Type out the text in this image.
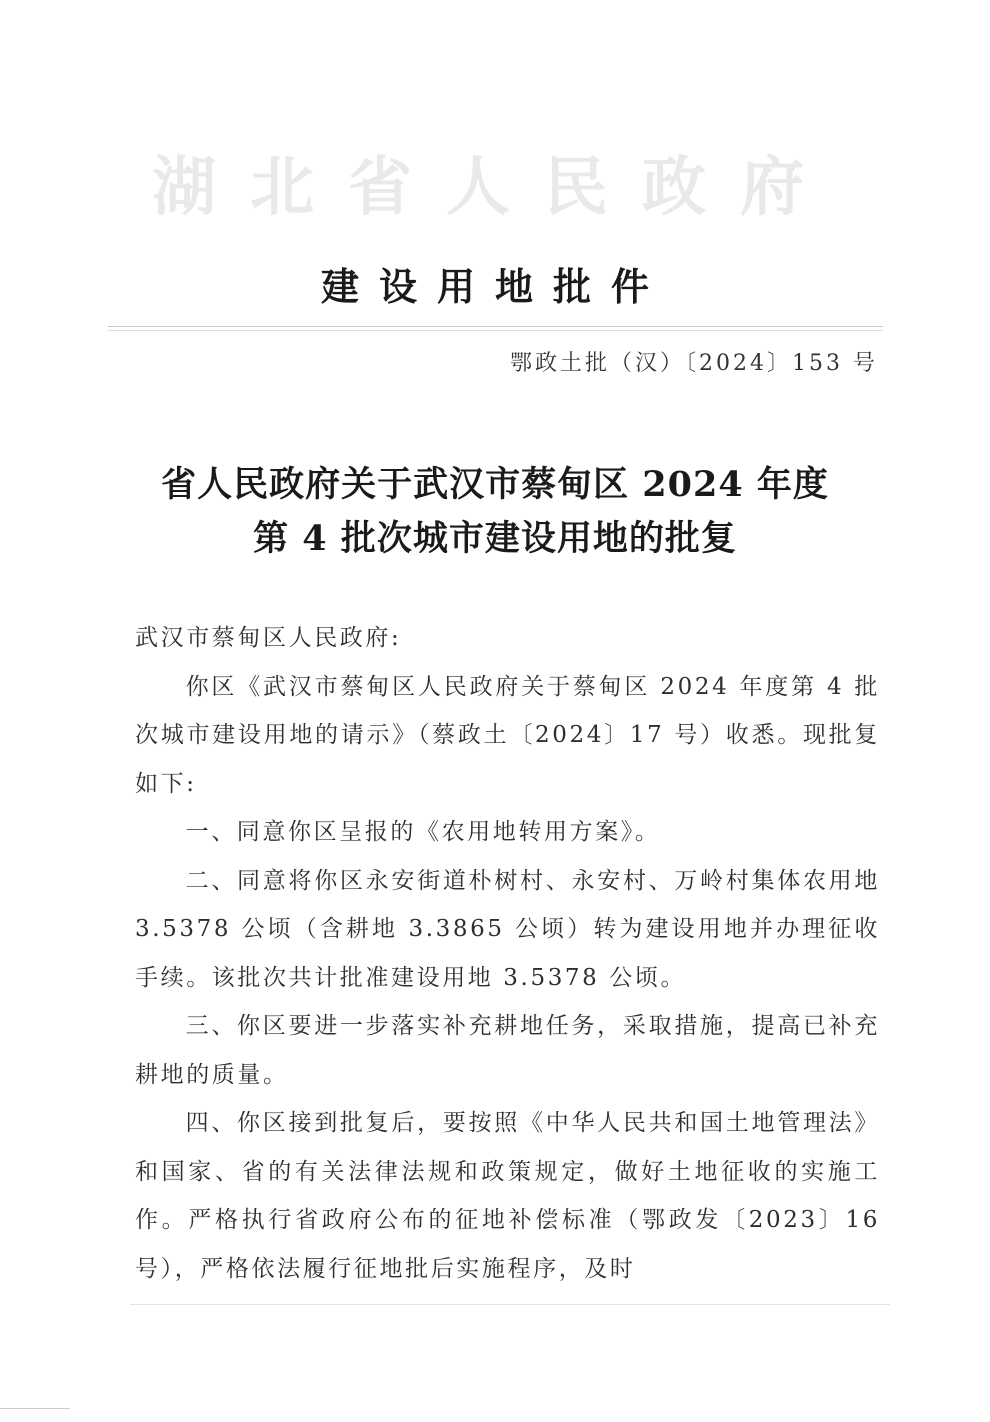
湖北省人民政府
建设用地批件
鄂政土批（汉）〔2024〕153 号
省人民政府关于武汉市蔡甸区 2024 年度
第 4 批次城市建设用地的批复

武汉市蔡甸区人民政府:

你区《武汉市蔡甸区人民政府关于蔡甸区 2024 年度第 4 批次城市建设用地的请示》（蔡政土〔2024〕17 号）收悉。现批复如下:

一、同意你区呈报的《农用地转用方案》。

二、同意将你区永安街道朴树村、永安村、万岭村集体农用地 3.5378 公顷（含耕地 3.3865 公顷）转为建设用地并办理征收手续。该批次共计批准建设用地 3.5378 公顷。

三、你区要进一步落实补充耕地任务，采取措施，提高已补充耕地的质量。

四、你区接到批复后，要按照《中华人民共和国土地管理法》和国家、省的有关法律法规和政策规定，做好土地征收的实施工作。严格执行省政府公布的征地补偿标准（鄂政发〔2023〕16 号），严格依法履行征地批后实施程序，及时
